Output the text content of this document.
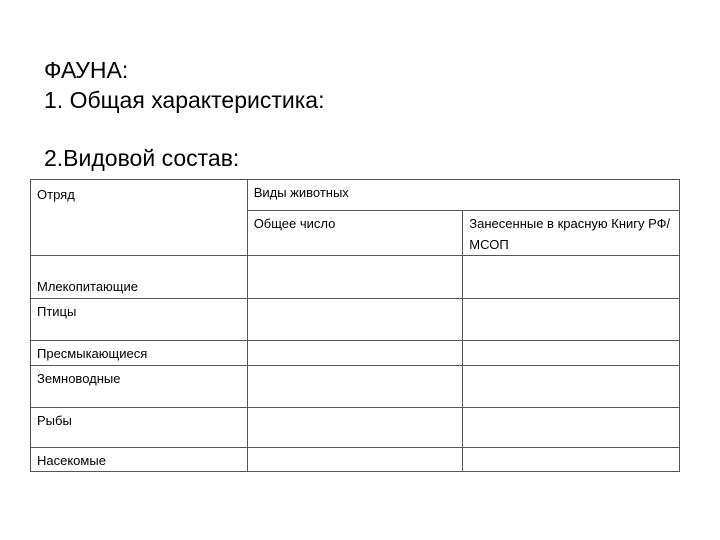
ФАУНА:
1. Общая характеристика:
2.Видовой состав:
Отряд	Виды животных	
	Общее число	Занесенные в красную Книгу РФ/МСОП
Млекопитающие		
Птицы		
Пресмыкающиеся		
Земноводные		
Рыбы		
Насекомые		
